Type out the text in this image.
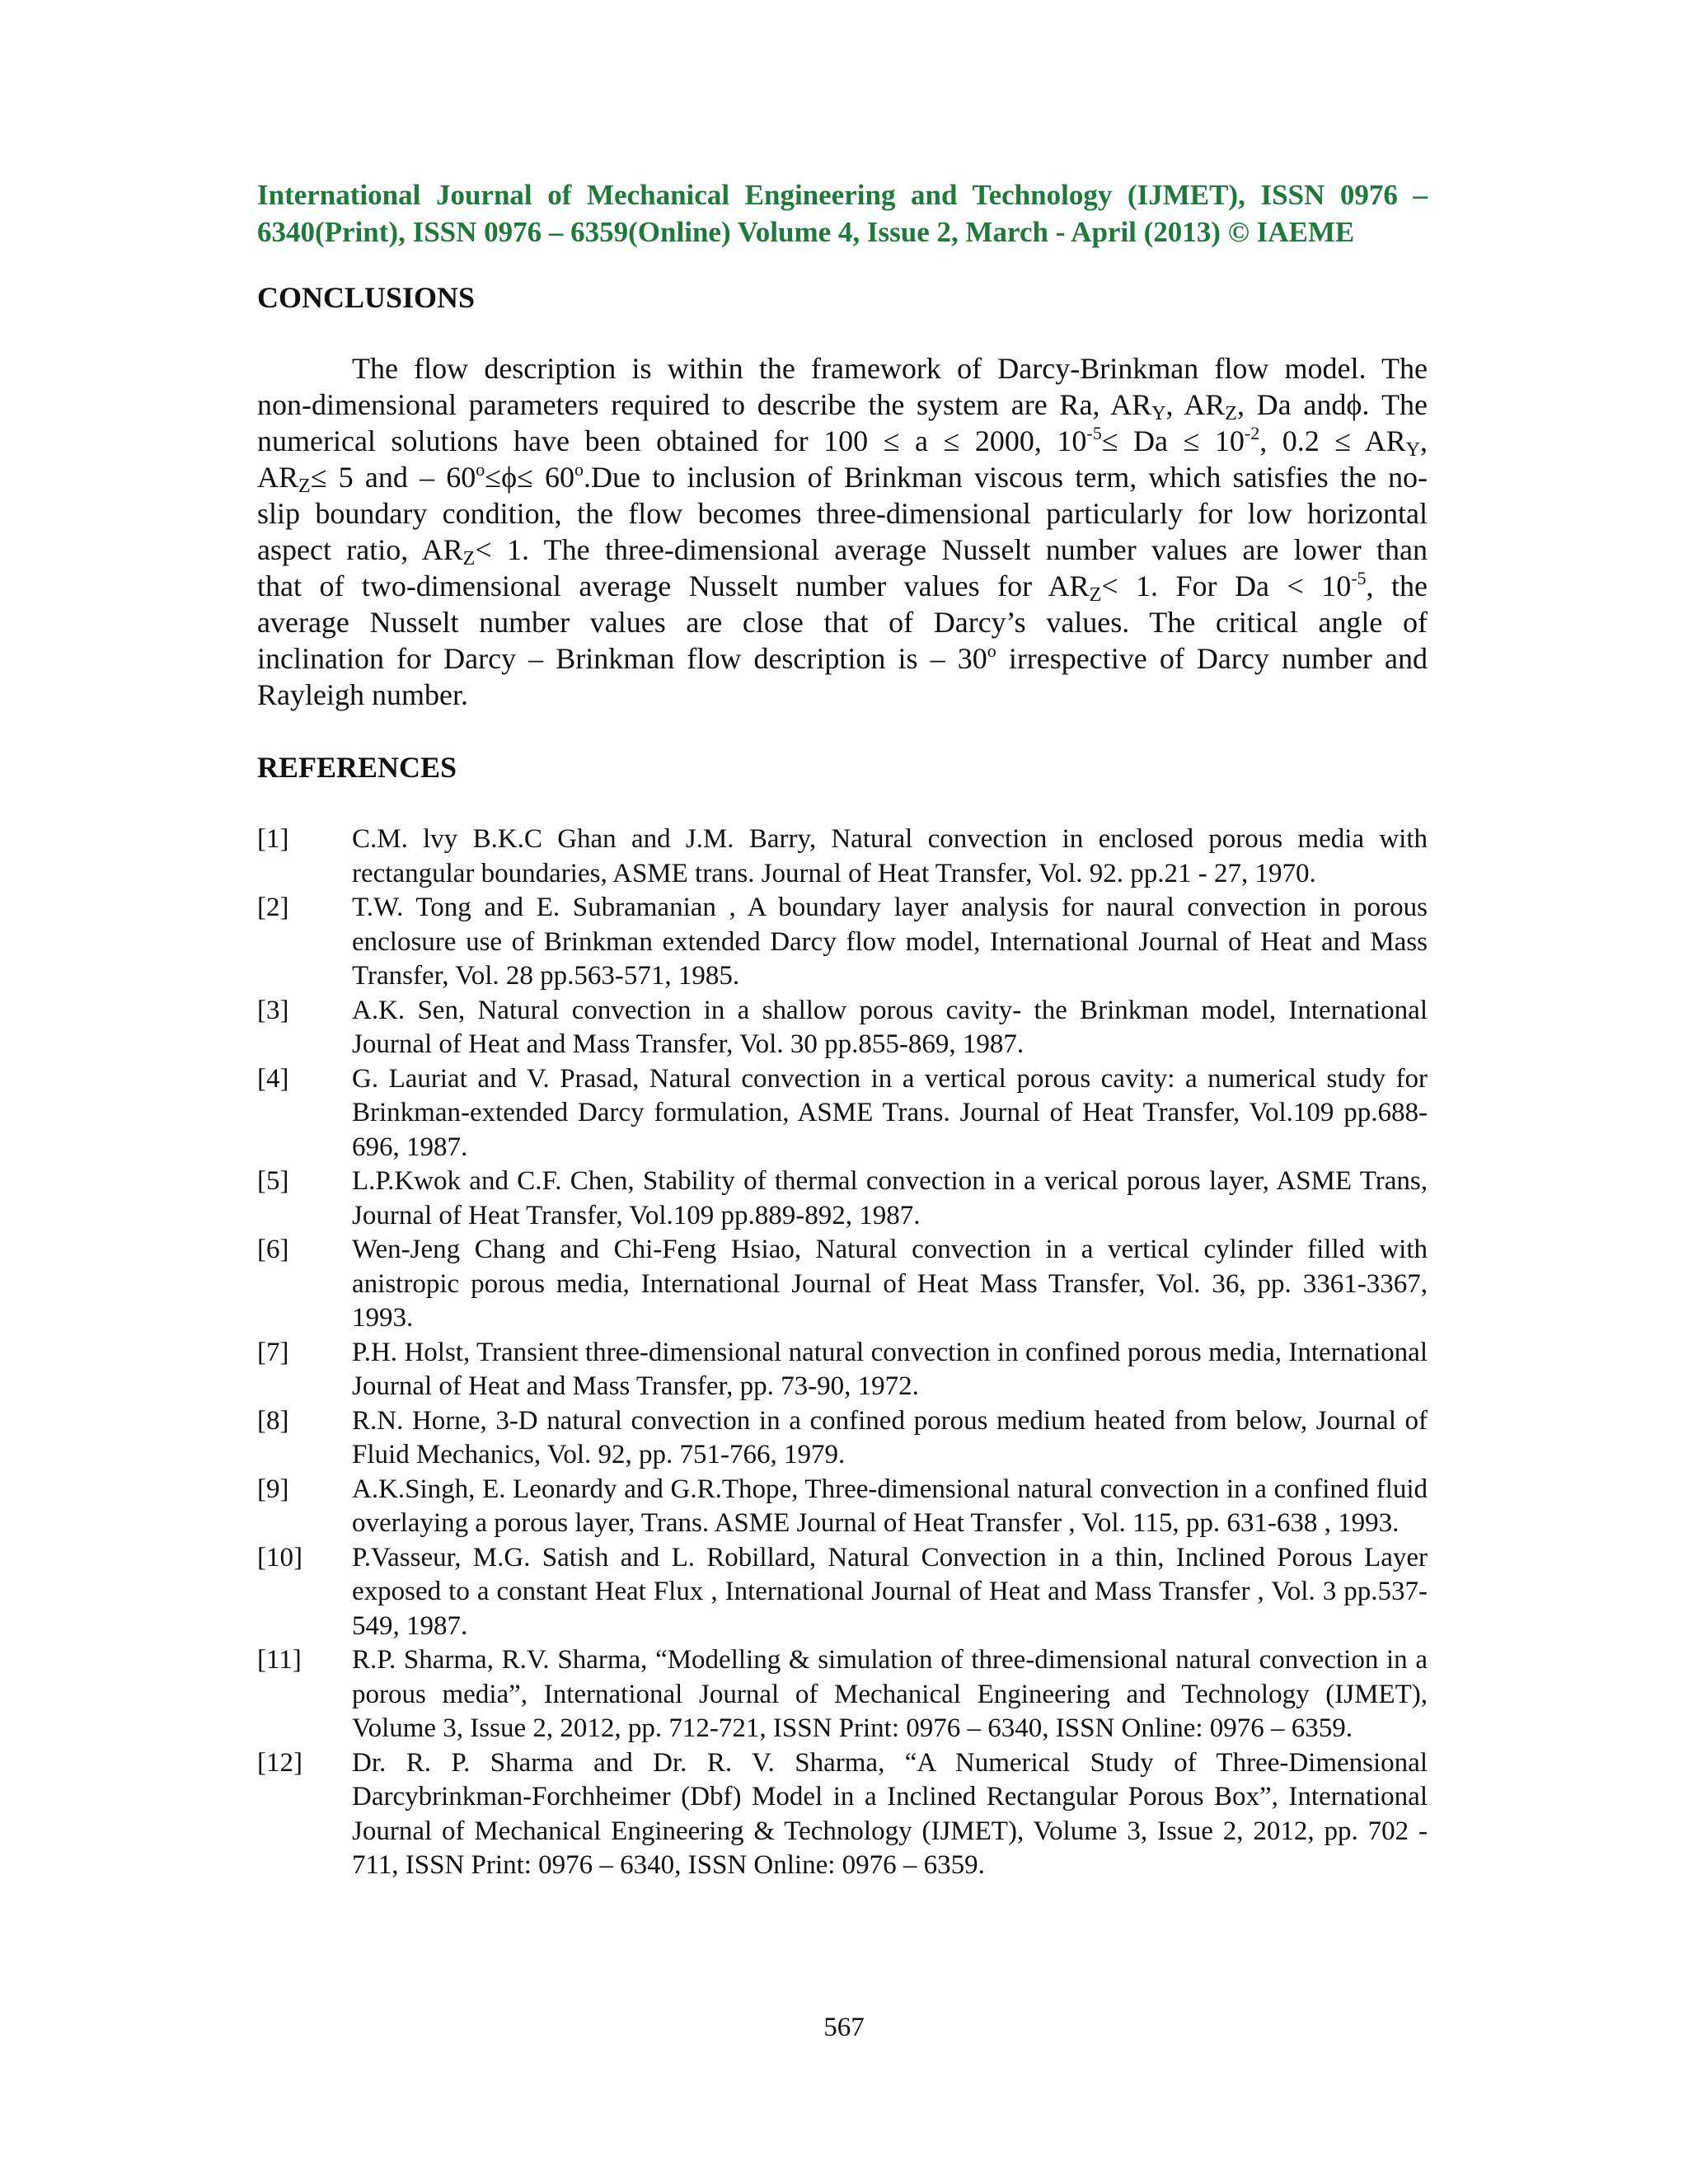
International Journal of Mechanical Engineering and Technology (IJMET), ISSN 0976 –
6340(Print), ISSN 0976 – 6359(Online) Volume 4, Issue 2, March - April (2013) © IAEME
CONCLUSIONS
The flow description is within the framework of Darcy-Brinkman flow model. The
non-dimensional parameters required to describe the system are Ra, $AR_Y$, $AR_Z$, Da andϕ. The
numerical solutions have been obtained for 100 ≤ a ≤ 2000, $10^{-5}\le Da \le 10^{-2}$, $0.2 \le AR_Y$,
$AR_Z\le 5$ and – $60^o\le\phi\le 60^o.Due$ to inclusion of Brinkman viscous term, which satisfies the no-
slip boundary condition, the flow becomes three-dimensional particularly for low horizontal
aspect ratio, $AR_Z< 1$. The three-dimensional average Nusselt number values are lower than
that of two-dimensional average Nusselt number values for $AR_Z< 1$. For $Da < 10^{-5}$, the
average Nusselt number values are close that of Darcy’s values. The critical angle of
inclination for Darcy – Brinkman flow description is – 30$^o$ irrespective of Darcy number and
Rayleigh number.
REFERENCES
[1] C.M. lvy B.K.C Ghan and J.M. Barry, Natural convection in enclosed porous media with rectangular boundaries, ASME trans. Journal of Heat Transfer, Vol. 92. pp.21 - 27, 1970.
[2] T.W. Tong and E. Subramanian , A boundary layer analysis for naural convection in porous enclosure use of Brinkman extended Darcy flow model, International Journal of Heat and Mass Transfer, Vol. 28 pp.563-571, 1985.
[3] A.K. Sen, Natural convection in a shallow porous cavity- the Brinkman model, International Journal of Heat and Mass Transfer, Vol. 30 pp.855-869, 1987.
[4] G. Lauriat and V. Prasad, Natural convection in a vertical porous cavity: a numerical study for Brinkman-extended Darcy formulation, ASME Trans. Journal of Heat Transfer, Vol.109 pp.688-696, 1987.
[5] L.P.Kwok and C.F. Chen, Stability of thermal convection in a verical porous layer, ASME Trans, Journal of Heat Transfer, Vol.109 pp.889-892, 1987.
[6] Wen-Jeng Chang and Chi-Feng Hsiao, Natural convection in a vertical cylinder filled with anistropic porous media, International Journal of Heat Mass Transfer, Vol. 36, pp. 3361-3367, 1993.
[7] P.H. Holst, Transient three-dimensional natural convection in confined porous media, International Journal of Heat and Mass Transfer, pp. 73-90, 1972.
[8] R.N. Horne, 3-D natural convection in a confined porous medium heated from below, Journal of Fluid Mechanics, Vol. 92, pp. 751-766, 1979.
[9] A.K.Singh, E. Leonardy and G.R.Thope, Three-dimensional natural convection in a confined fluid overlaying a porous layer, Trans. ASME Journal of Heat Transfer , Vol. 115, pp. 631-638 , 1993.
[10] P.Vasseur, M.G. Satish and L. Robillard, Natural Convection in a thin, Inclined Porous Layer exposed to a constant Heat Flux , International Journal of Heat and Mass Transfer , Vol. 3 pp.537-549, 1987.
[11] R.P. Sharma, R.V. Sharma, “Modelling & simulation of three-dimensional natural convection in a porous media”, International Journal of Mechanical Engineering and Technology (IJMET), Volume 3, Issue 2, 2012, pp. 712-721, ISSN Print: 0976 – 6340, ISSN Online: 0976 – 6359.
[12] Dr. R. P. Sharma and Dr. R. V. Sharma, “A Numerical Study of Three-Dimensional Darcybrinkman-Forchheimer (Dbf) Model in a Inclined Rectangular Porous Box”, International Journal of Mechanical Engineering & Technology (IJMET), Volume 3, Issue 2, 2012, pp. 702 - 711, ISSN Print: 0976 – 6340, ISSN Online: 0976 – 6359.
567
